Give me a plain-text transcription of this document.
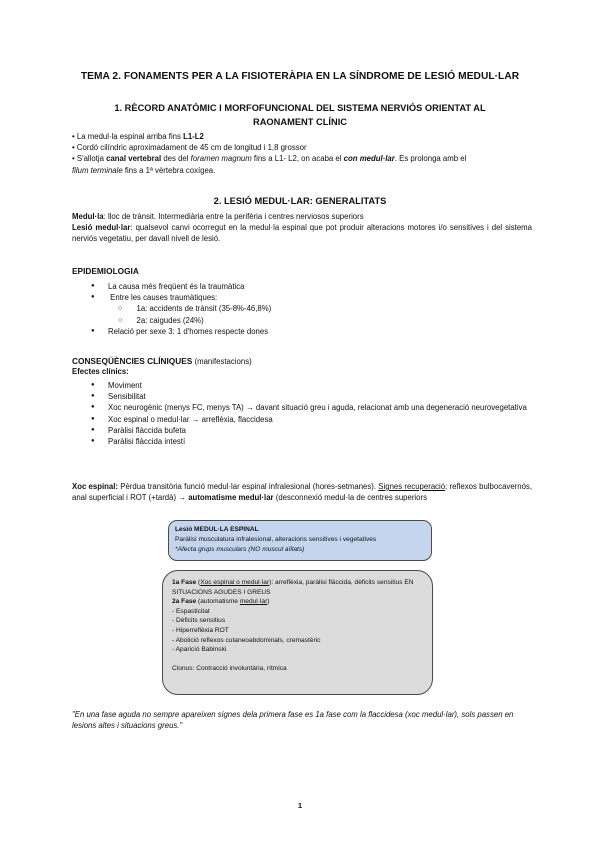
TEMA 2. FONAMENTS PER A LA FISIOTERÀPIA EN LA SÍNDROME DE LESIÓ MEDUL·LAR
1. RÈCORD ANATÒMIC I MORFOFUNCIONAL DEL SISTEMA NERVIÓS ORIENTAT AL
RAONAMENT CLÍNIC
• La medul·la espinal arriba fins L1-L2
• Cordó cilíndric aproximadament de 45 cm de longitud i 1,8 grossor
• S'allotja canal vertebral des del foramen magnum fins a L1- L2, on acaba el con medul·lar. Es prolonga amb el
filum terminale fins a 1ª vèrtebra coxígea.
2. LESIÓ MEDUL·LAR: GENERALITATS
Medul·la: lloc de trànsit. Intermediària entre la perifèria i centres nerviosos superiors
Lesió medul·lar: qualsevol canvi ocorregut en la medul·la espinal que pot produir alteracions motores i/o sensitives i del sistema nerviós vegetatiu, per davall nivell de lesió.
EPIDEMIOLOGIA
● La causa més freqüent és la traumàtica
● Entre les causes traumàtiques:
○ 1a: accidents de trànsit (35-8%-46,8%)
○ 2a: caigudes (24%)
● Relació per sexe 3: 1 d'homes respecte dones
CONSEQÜÈNCIES CLÍNIQUES (manifestacions)
Efectes clínics:
● Moviment
● Sensibilitat
● Xoc neurogènic (menys FC, menys TA) → davant situació greu i aguda, relacionat amb una degeneració neurovegetativa
● Xoc espinal o medul·lar → arreflèxia, flaccidesa
● Paràlisi flàccida bufeta
● Paràlisi flàccida intestí
Xoc espinal: Pèrdua transitòria funció medul·lar espinal infralesional (hores-setmanes). Signes recuperació: reflexos bulbocavernós, anal superficial i ROT (+tardà) → automatisme medul·lar (desconnexió medul·la de centres superiors
Lesió MEDUL·LA ESPINAL
Paràlisi musculatura infralesional, alteracions sensitives i vegetatives
*Afecta grups musculars (NO muscul aïllats)
1a Fase (Xoc espinal o medul·lar): arreflèxia, paràlisi flàccida, dèficits sensitius EN SITUACIONS AGUDES I GREUS
2a Fase (automatisme medul·lar)
- Espasticitat
- Dèficits sensitius
- Hiperreflèxia ROT
- Abolició reflexos cutaneoabdominals, cremastèric
- Aparició Babinski
Clonus: Contracció involuntària, rítmica
"En una fase aguda no sempre apareixen signes dela primera fase es 1a fase com la flaccidesa (xoc medul·lar), sols passen en lesions altes i situacions greus."
1
